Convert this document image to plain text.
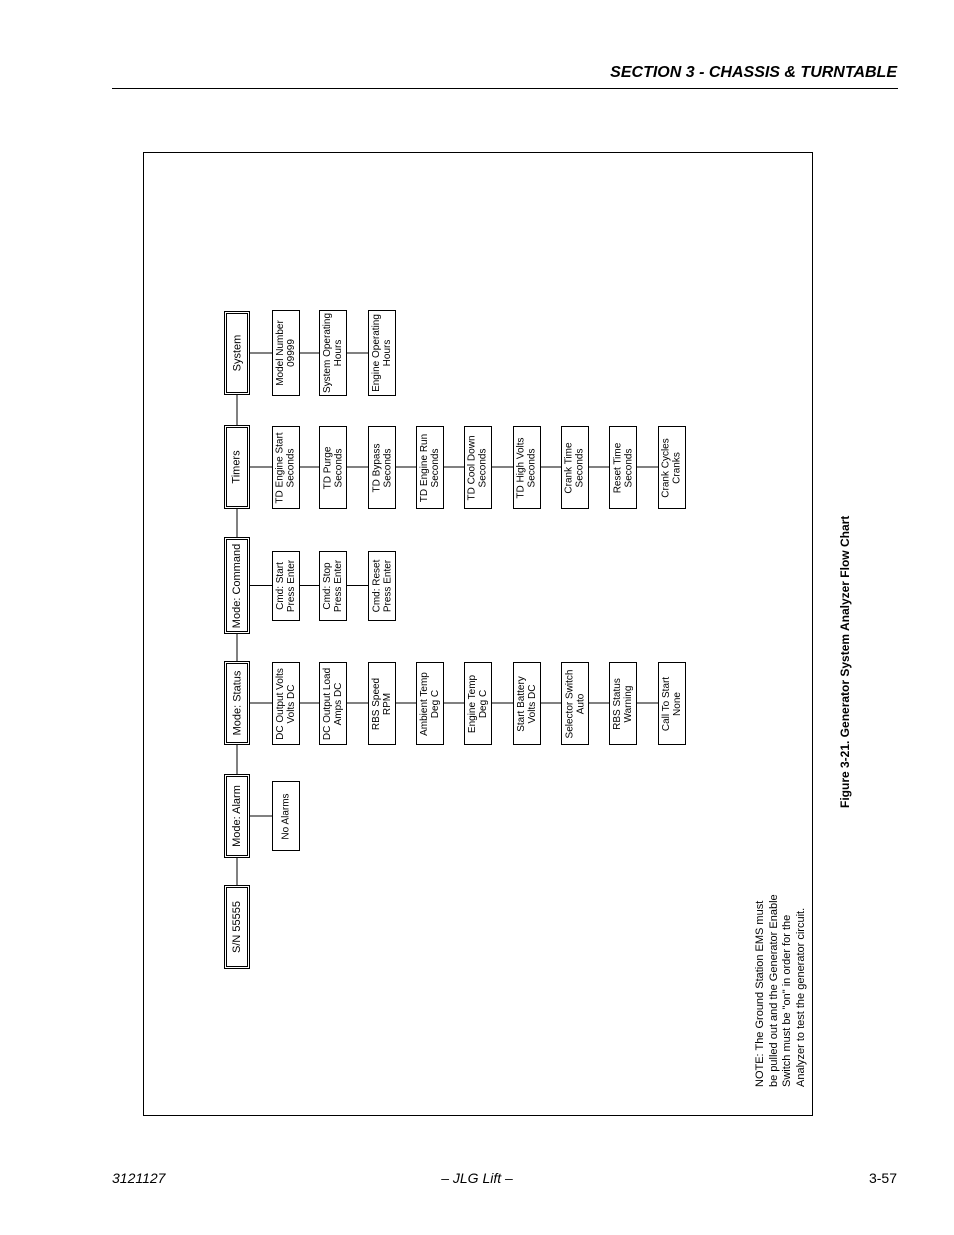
SECTION 3 - CHASSIS & TURNTABLE
S/N 55555
Mode: Alarm
Mode: Status
Mode: Command
Timers
System
No Alarms
DC Output Volts Volts DC	DC Output Load Amps DC	RBS Speed RPM	Ambient Temp Deg C	Engine Temp Deg C	Start Battery Volts DC	Selector Switch Auto	RBS Status Warning	Call To Start None
Cmd: Start Press Enter	Cmd: Stop Press Enter	Cmd: Reset Press Enter
TD Engine Start Seconds	TD Purge Seconds	TD Bypass Seconds	TD Engine Run Seconds	TD Cool Down Seconds	TD High Volts Seconds	Crank Time Seconds	Reset Time Seconds	Crank Cycles Cranks
Model Number 09999	System Operating Hours	Engine Operating Hours
NOTE: The Ground Station EMS must be pulled out and the Generator Enable Switch must be "on" in order for the Analyzer to test the generator circuit.
Figure 3-21. Generator System Analyzer Flow Chart
3121127	– JLG Lift –	3-57
